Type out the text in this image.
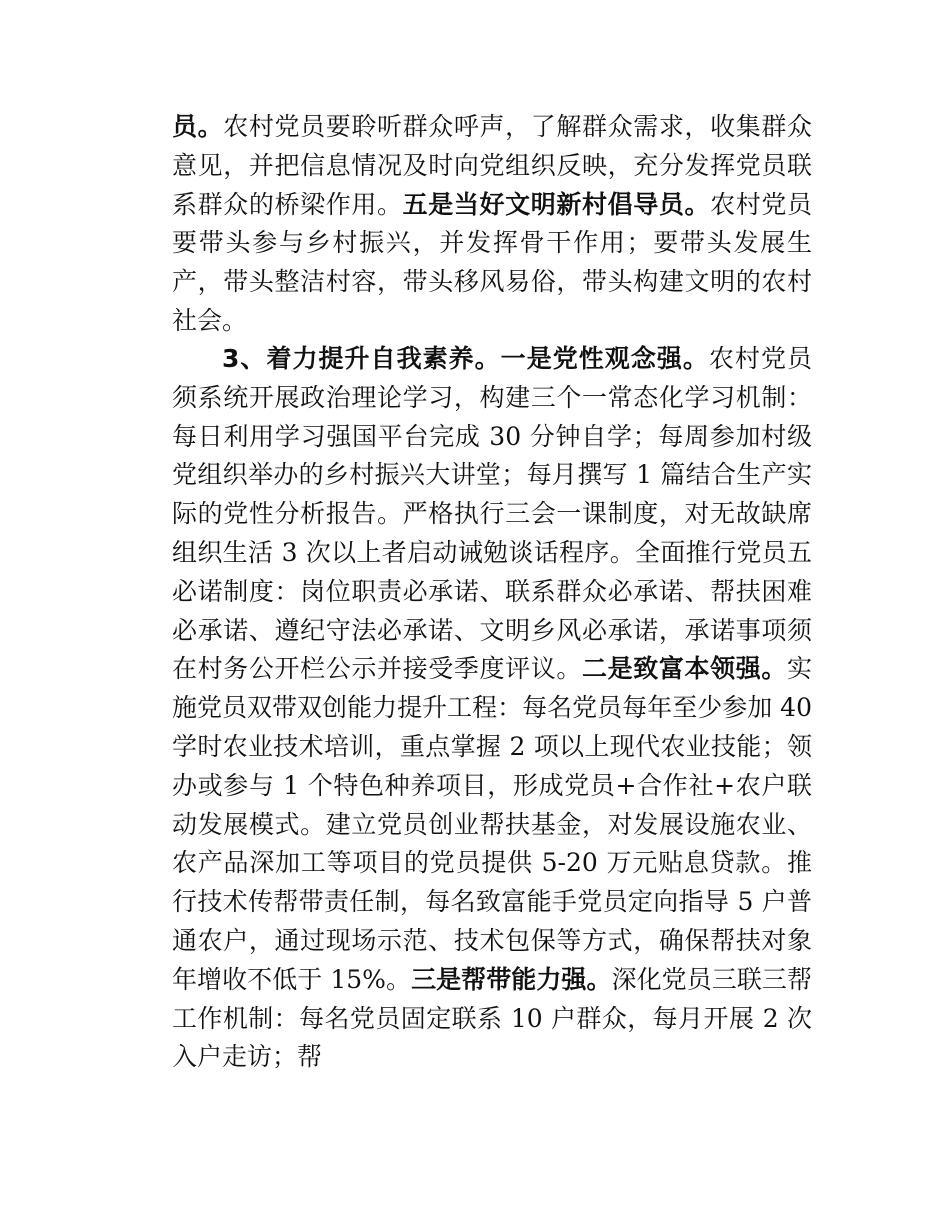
员。农村党员要聆听群众呼声，了解群众需求，收集群众意见，并把信息情况及时向党组织反映，充分发挥党员联系群众的桥梁作用。五是当好文明新村倡导员。农村党员要带头参与乡村振兴，并发挥骨干作用；要带头发展生产，带头整洁村容，带头移风易俗，带头构建文明的农村社会。

3、着力提升自我素养。一是党性观念强。农村党员须系统开展政治理论学习，构建三个一常态化学习机制：每日利用学习强国平台完成 30 分钟自学；每周参加村级党组织举办的乡村振兴大讲堂；每月撰写 1 篇结合生产实际的党性分析报告。严格执行三会一课制度，对无故缺席组织生活 3 次以上者启动诫勉谈话程序。全面推行党员五必诺制度：岗位职责必承诺、联系群众必承诺、帮扶困难必承诺、遵纪守法必承诺、文明乡风必承诺，承诺事项须在村务公开栏公示并接受季度评议。二是致富本领强。实施党员双带双创能力提升工程：每名党员每年至少参加 40 学时农业技术培训，重点掌握 2 项以上现代农业技能；领办或参与 1 个特色种养项目，形成党员+合作社+农户联动发展模式。建立党员创业帮扶基金，对发展设施农业、农产品深加工等项目的党员提供 5-20 万元贴息贷款。推行技术传帮带责任制，每名致富能手党员定向指导 5 户普通农户，通过现场示范、技术包保等方式，确保帮扶对象年增收不低于 15%。三是帮带能力强。深化党员三联三帮工作机制：每名党员固定联系 10 户群众，每月开展 2 次入户走访；帮
